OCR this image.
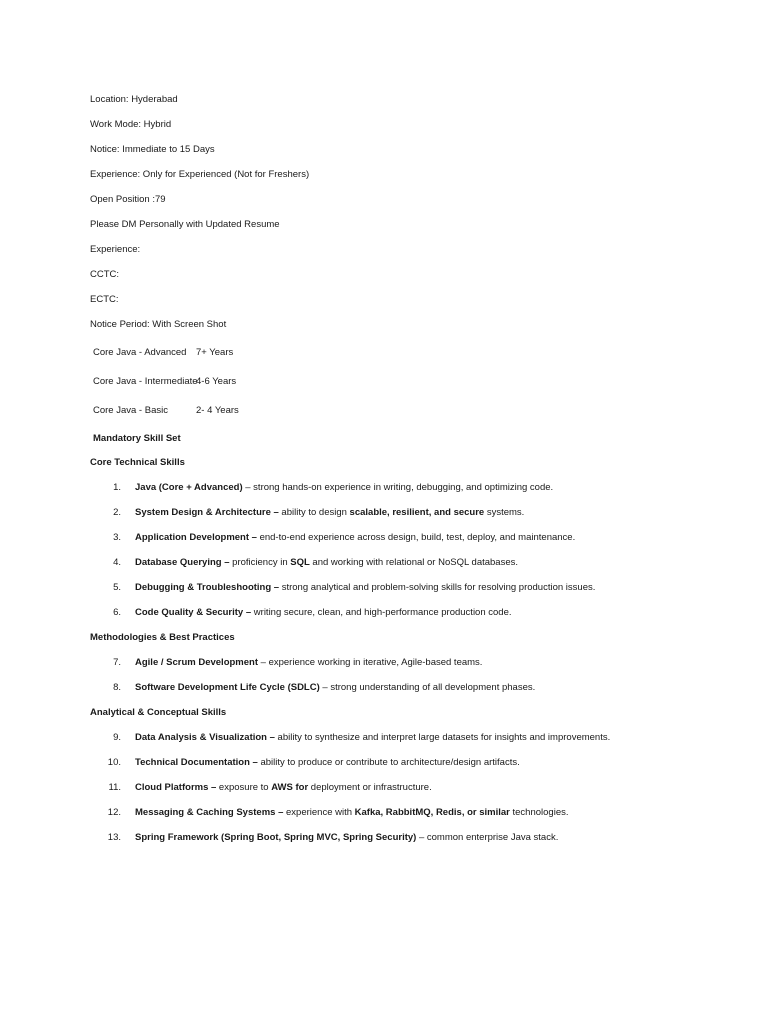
Location: Hyderabad
Work Mode: Hybrid
Notice: Immediate to 15 Days
Experience: Only for Experienced (Not for Freshers)
Open Position :79
Please DM Personally with Updated Resume
Experience:
CCTC:
ECTC:
Notice Period: With Screen Shot
Core Java - Advanced 7+ Years
Core Java - Intermediate
4-6 Years
Core Java - Basic	2- 4 Years
Mandatory Skill Set
Core Technical Skills
1. Java (Core + Advanced) – strong hands-on experience in writing, debugging, and optimizing code.
2. System Design & Architecture – ability to design scalable, resilient, and secure systems.
3. Application Development – end-to-end experience across design, build, test, deploy, and maintenance.
4. Database Querying – proficiency in SQL and working with relational or NoSQL databases.
5. Debugging & Troubleshooting – strong analytical and problem-solving skills for resolving production issues.
6. Code Quality & Security – writing secure, clean, and high-performance production code.
Methodologies & Best Practices
7. Agile / Scrum Development – experience working in iterative, Agile-based teams.
8. Software Development Life Cycle (SDLC) – strong understanding of all development phases.
Analytical & Conceptual Skills
9. Data Analysis & Visualization – ability to synthesize and interpret large datasets for insights and improvements.
10. Technical Documentation – ability to produce or contribute to architecture/design artifacts.
11. Cloud Platforms – exposure to AWS for deployment or infrastructure.
12. Messaging & Caching Systems – experience with Kafka, RabbitMQ, Redis, or similar technologies.
13. Spring Framework (Spring Boot, Spring MVC, Spring Security) – common enterprise Java stack.
